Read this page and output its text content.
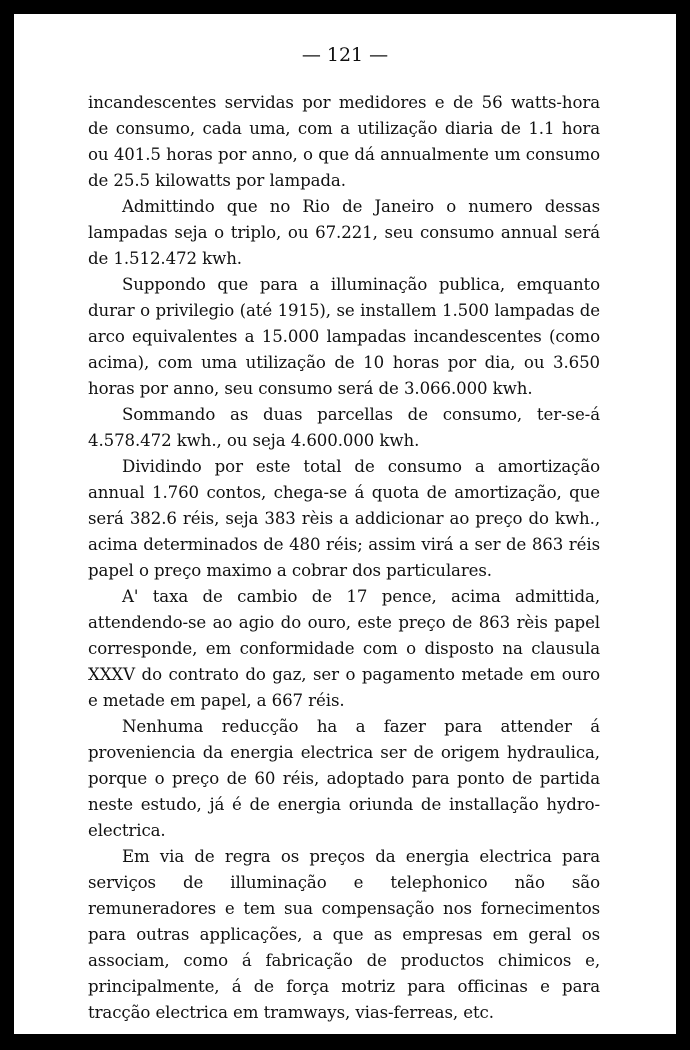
— 121 —

incandescentes servidas por medidores e de 56 watts-hora de consumo, cada uma, com a utilização diaria de 1.1 hora ou 401.5 horas por anno, o que dá annualmente um consumo de 25.5 kilowatts por lampada.

Admittindo que no Rio de Janeiro o numero dessas lampadas seja o triplo, ou 67.221, seu consumo annual será de 1.512.472 kwh.

Suppondo que para a illuminação publica, emquanto durar o privilegio (até 1915), se installem 1.500 lampadas de arco equivalentes a 15.000 lampadas incandescentes (como acima), com uma utilização de 10 horas por dia, ou 3.650 horas por anno, seu consumo será de 3.066.000 kwh.

Sommando as duas parcellas de consumo, ter-se-á 4.578.472 kwh., ou seja 4.600.000 kwh.

Dividindo por este total de consumo a amortização annual 1.760 contos, chega-se á quota de amortização, que será 382.6 réis, seja 383 rèis a addicionar ao preço do kwh., acima determinados de 480 réis; assim virá a ser de 863 réis papel o preço maximo a cobrar dos particulares.

A' taxa de cambio de 17 pence, acima admittida, attendendo-se ao agio do ouro, este preço de 863 rèis papel corresponde, em conformidade com o disposto na clausula XXXV do contrato do gaz, ser o pagamento metade em ouro e metade em papel, a 667 réis.

Nenhuma reducção ha a fazer para attender á proveniencia da energia electrica ser de origem hydraulica, porque o preço de 60 réis, adoptado para ponto de partida neste estudo, já é de energia oriunda de installação hydro-electrica.

Em via de regra os preços da energia electrica para serviços de illuminação e telephonico não são remuneradores e tem sua compensação nos fornecimentos para outras applicações, a que as empresas em geral os associam, como á fabricação de productos chimicos e, principalmente, á de força motriz para officinas e para tracção electrica em tramways, vias-ferreas, etc.
